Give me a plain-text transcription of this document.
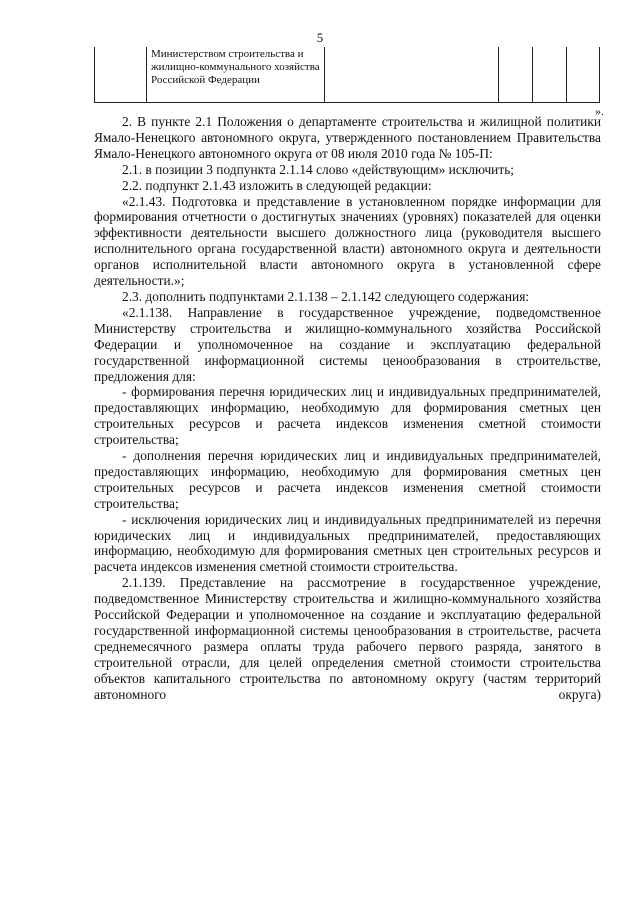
5
Министерством строительства и жилищно-коммунального хозяйства Российской Федерации
».

2. В пункте 2.1 Положения о департаменте строительства и жилищной политики Ямало-Ненецкого автономного округа, утвержденного постановлением Правительства Ямало-Ненецкого автономного округа от 08 июля 2010 года № 105-П:

2.1. в позиции 3 подпункта 2.1.14 слово «действующим» исключить;

2.2. подпункт 2.1.43 изложить в следующей редакции:

«2.1.43. Подготовка и представление в установленном порядке информации для формирования отчетности о достигнутых значениях (уровнях) показателей для оценки эффективности деятельности высшего должностного лица (руководителя высшего исполнительного органа государственной власти) автономного округа и деятельности органов исполнительной власти автономного округа в установленной сфере деятельности.»;

2.3. дополнить подпунктами 2.1.138 – 2.1.142 следующего содержания:

«2.1.138. Направление в государственное учреждение, подведомственное Министерству строительства и жилищно-коммунального хозяйства Российской Федерации и уполномоченное на создание и эксплуатацию федеральной государственной информационной системы ценообразования в строительстве, предложения для:

- формирования перечня юридических лиц и индивидуальных предпринимателей, предоставляющих информацию, необходимую для формирования сметных цен строительных ресурсов и расчета индексов изменения сметной стоимости строительства;

- дополнения перечня юридических лиц и индивидуальных предпринимателей, предоставляющих информацию, необходимую для формирования сметных цен строительных ресурсов и расчета индексов изменения сметной стоимости строительства;

- исключения юридических лиц и индивидуальных предпринимателей из перечня юридических лиц и индивидуальных предпринимателей, предоставляющих информацию, необходимую для формирования сметных цен строительных ресурсов и расчета индексов изменения сметной стоимости строительства.

2.1.139. Представление на рассмотрение в государственное учреждение, подведомственное Министерству строительства и жилищно-коммунального хозяйства Российской Федерации и уполномоченное на создание и эксплуатацию федеральной государственной информационной системы ценообразования в строительстве, расчета среднемесячного размера оплаты труда рабочего первого разряда, занятого в строительной отрасли, для целей определения сметной стоимости строительства объектов капитального строительства по автономному округу (частям территорий автономного округа)
